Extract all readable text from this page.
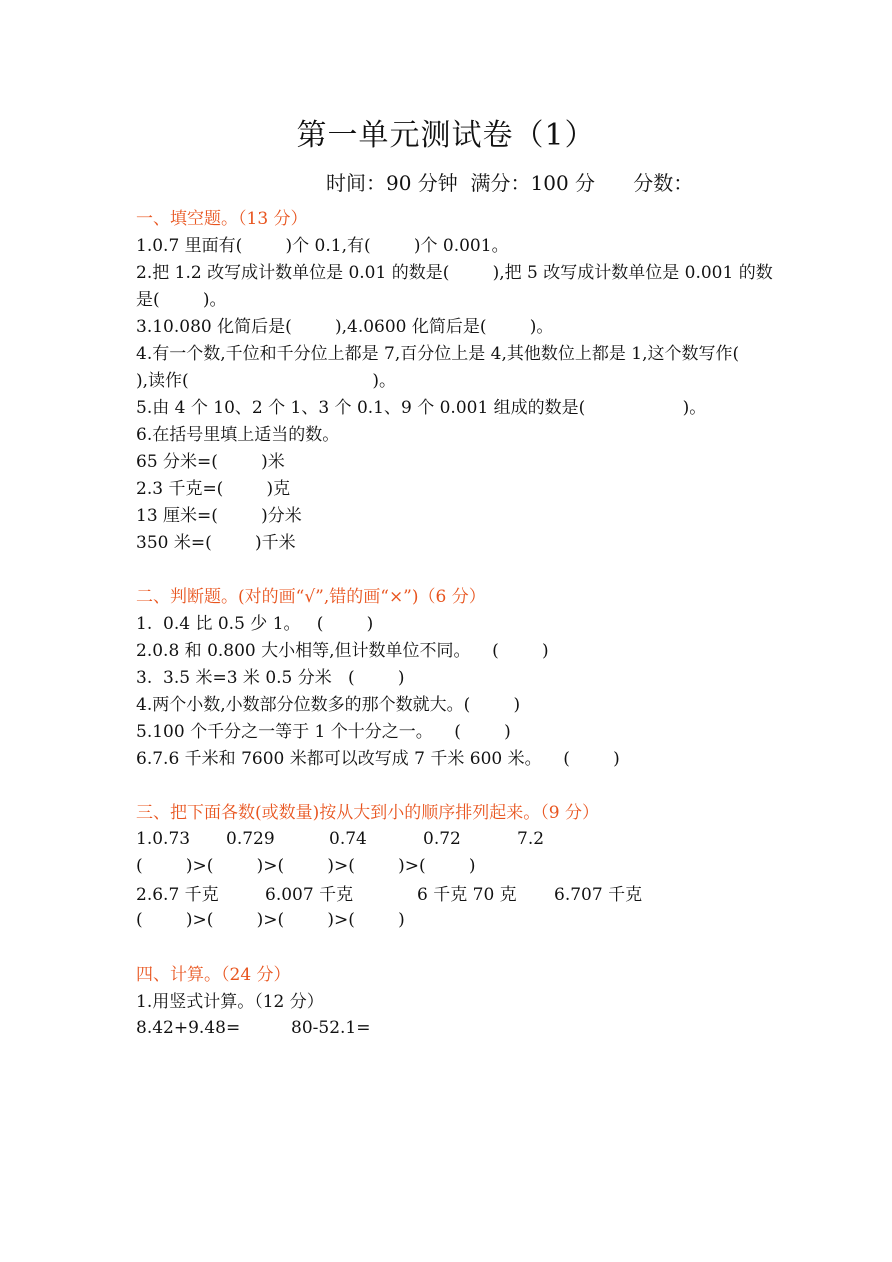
第一单元测试卷（1）

时间：90 分钟  满分：100 分      分数：

一、填空题。（13 分）

1.0.7 里面有(        )个 0.1,有(        )个 0.001。

2.把 1.2 改写成计数单位是 0.01 的数是(        ),把 5 改写成计数单位是 0.001 的数

是(        )。

3.10.080 化简后是(        ),4.0600 化简后是(        )。

4.有一个数,千位和千分位上都是 7,百分位上是 4,其他数位上都是 1,这个数写作(

),读作(                                  )。

5.由 4 个 10、2 个 1、3 个 0.1、9 个 0.001 组成的数是(                  )。

6.在括号里填上适当的数。

65 分米=(        )米

2.3 千克=(        )克

13 厘米=(        )分米

350 米=(        )千米

二、判断题。(对的画“√”,错的画“×”)（6 分）

1.  0.4 比 0.5 少 1。   (        )

2.0.8 和 0.800 大小相等,但计数单位不同。    (        )

3.  3.5 米=3 米 0.5 分米   (        )

4.两个小数,小数部分位数多的那个数就大。(        )

5.100 个千分之一等于 1 个十分之一。    (        )

6.7.6 千米和 7600 米都可以改写成 7 千米 600 米。    (        )

三、把下面各数(或数量)按从大到小的顺序排列起来。（9 分）
1.0.73 0.729	0.74	0.72	7.2

(        )>(        )>(        )>(        )>(        )

2.6.7 千克	6.007 千克	6 千克 70 克 6.707 千克

(        )>(        )>(        )>(        )

四、计算。（24 分）

1.用竖式计算。（12 分）

8.42+9.48=	80-52.1=
